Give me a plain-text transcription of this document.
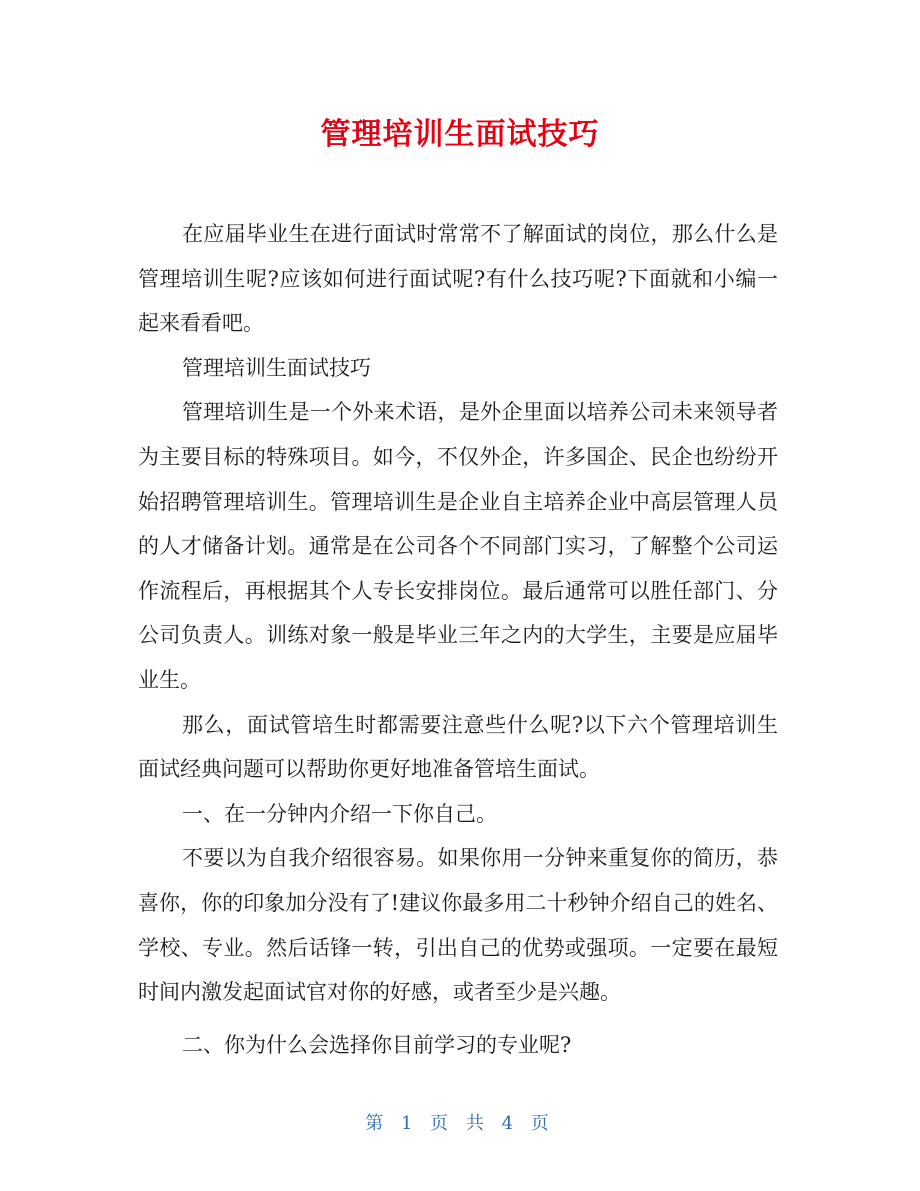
管理培训生面试技巧

在应届毕业生在进行面试时常常不了解面试的岗位，那么什么是管理培训生呢?应该如何进行面试呢?有什么技巧呢?下面就和小编一起来看看吧。

管理培训生面试技巧

管理培训生是一个外来术语，是外企里面以培养公司未来领导者为主要目标的特殊项目。如今，不仅外企，许多国企、民企也纷纷开始招聘管理培训生。管理培训生是企业自主培养企业中高层管理人员的人才储备计划。通常是在公司各个不同部门实习，了解整个公司运作流程后，再根据其个人专长安排岗位。最后通常可以胜任部门、分公司负责人。训练对象一般是毕业三年之内的大学生，主要是应届毕业生。

那么，面试管培生时都需要注意些什么呢?以下六个管理培训生面试经典问题可以帮助你更好地准备管培生面试。

一、在一分钟内介绍一下你自己。

不要以为自我介绍很容易。如果你用一分钟来重复你的简历，恭喜你，你的印象加分没有了!建议你最多用二十秒钟介绍自己的姓名、学校、专业。然后话锋一转，引出自己的优势或强项。一定要在最短时间内激发起面试官对你的好感，或者至少是兴趣。

二、你为什么会选择你目前学习的专业呢?

第 1 页 共 4 页
